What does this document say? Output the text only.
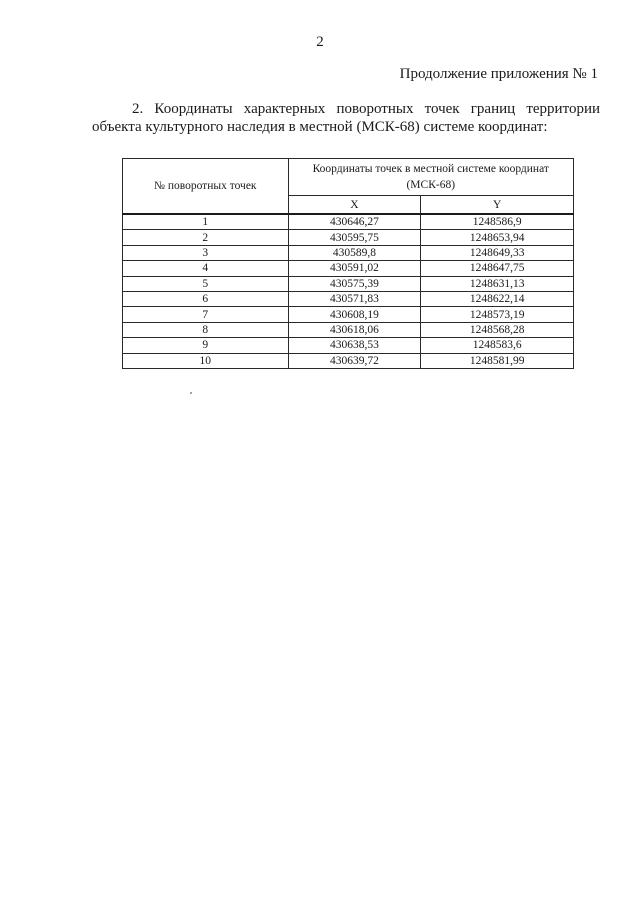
2
Продолжение приложения № 1
2. Координаты характерных поворотных точек границ территории
объекта культурного наследия в местной (МСК-68) системе координат:
№ поворотных точек	Координаты точек в местной системе координат (МСК-68)	
	X	Y
1	430646,27	1248586,9
2	430595,75	1248653,94
3	430589,8	1248649,33
4	430591,02	1248647,75
5	430575,39	1248631,13
6	430571,83	1248622,14
7	430608,19	1248573,19
8	430618,06	1248568,28
9	430638,53	1248583,6
10	430639,72	1248581,99
